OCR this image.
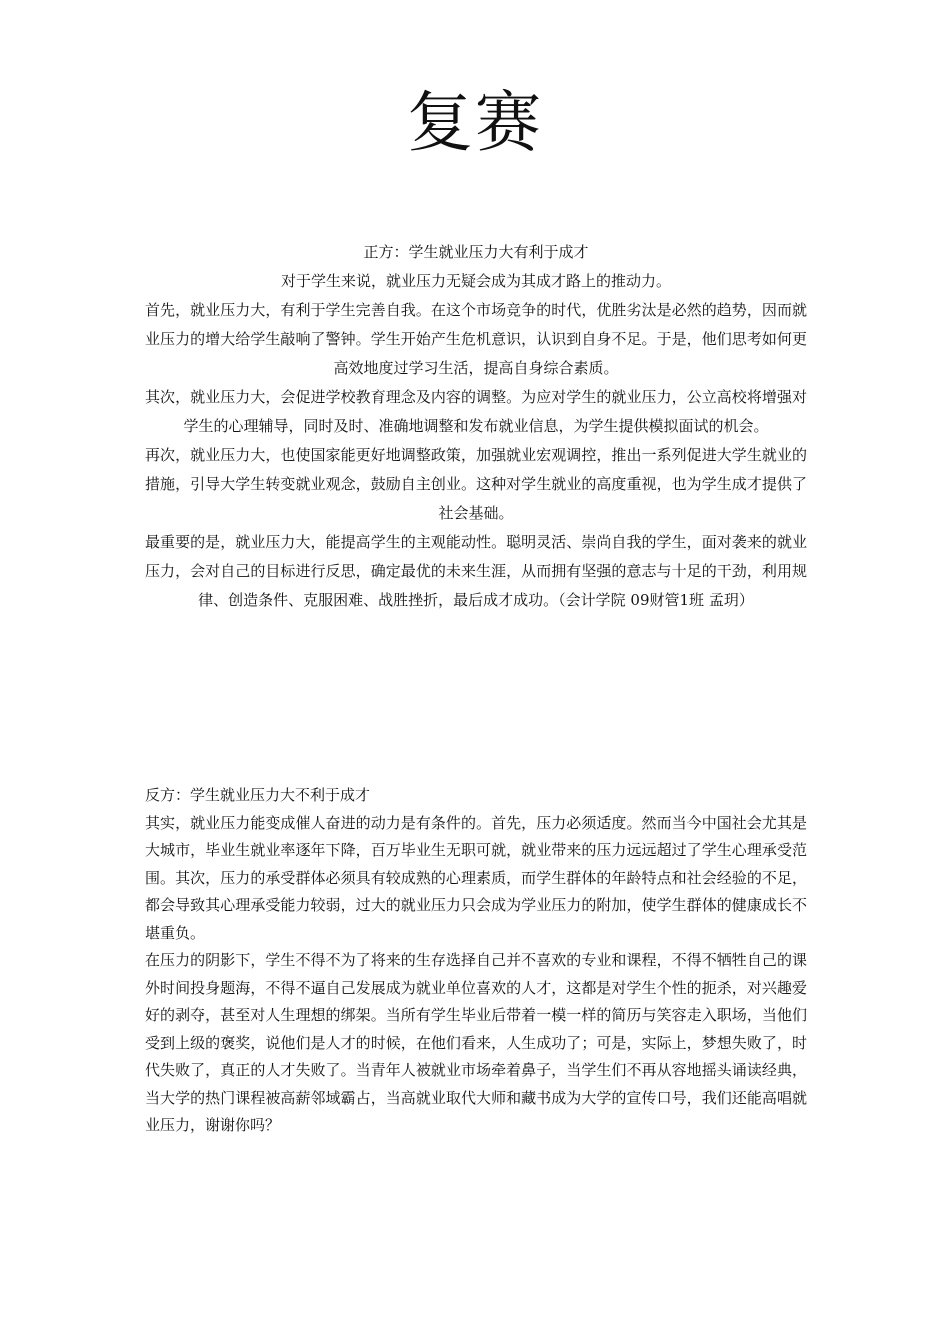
复赛

正方：学生就业压力大有利于成才

对于学生来说，就业压力无疑会成为其成才路上的推动力。

首先，就业压力大，有利于学生完善自我。在这个市场竞争的时代，优胜劣汰是必然的趋势，因而就业压力的增大给学生敲响了警钟。学生开始产生危机意识，认识到自身不足。于是，他们思考如何更高效地度过学习生活，提高自身综合素质。

其次，就业压力大，会促进学校教育理念及内容的调整。为应对学生的就业压力，公立高校将增强对学生的心理辅导，同时及时、准确地调整和发布就业信息，为学生提供模拟面试的机会。

再次，就业压力大，也使国家能更好地调整政策，加强就业宏观调控，推出一系列促进大学生就业的措施，引导大学生转变就业观念，鼓励自主创业。这种对学生就业的高度重视，也为学生成才提供了社会基础。

最重要的是，就业压力大，能提高学生的主观能动性。聪明灵活、崇尚自我的学生，面对袭来的就业压力，会对自己的目标进行反思，确定最优的未来生涯，从而拥有坚强的意志与十足的干劲，利用规律、创造条件、克服困难、战胜挫折，最后成才成功。（会计学院 09财管1班 孟玥）

反方：学生就业压力大不利于成才

其实，就业压力能变成催人奋进的动力是有条件的。首先，压力必须适度。然而当今中国社会尤其是大城市，毕业生就业率逐年下降，百万毕业生无职可就，就业带来的压力远远超过了学生心理承受范围。其次，压力的承受群体必须具有较成熟的心理素质，而学生群体的年龄特点和社会经验的不足，都会导致其心理承受能力较弱，过大的就业压力只会成为学业压力的附加，使学生群体的健康成长不堪重负。

在压力的阴影下，学生不得不为了将来的生存选择自己并不喜欢的专业和课程，不得不牺牲自己的课外时间投身题海，不得不逼自己发展成为就业单位喜欢的人才，这都是对学生个性的扼杀，对兴趣爱好的剥夺，甚至对人生理想的绑架。当所有学生毕业后带着一模一样的简历与笑容走入职场，当他们受到上级的褒奖，说他们是人才的时候，在他们看来，人生成功了；可是，实际上，梦想失败了，时代失败了，真正的人才失败了。当青年人被就业市场牵着鼻子，当学生们不再从容地摇头诵读经典，当大学的热门课程被高薪邻域霸占，当高就业取代大师和藏书成为大学的宣传口号，我们还能高唱就业压力，谢谢你吗？
